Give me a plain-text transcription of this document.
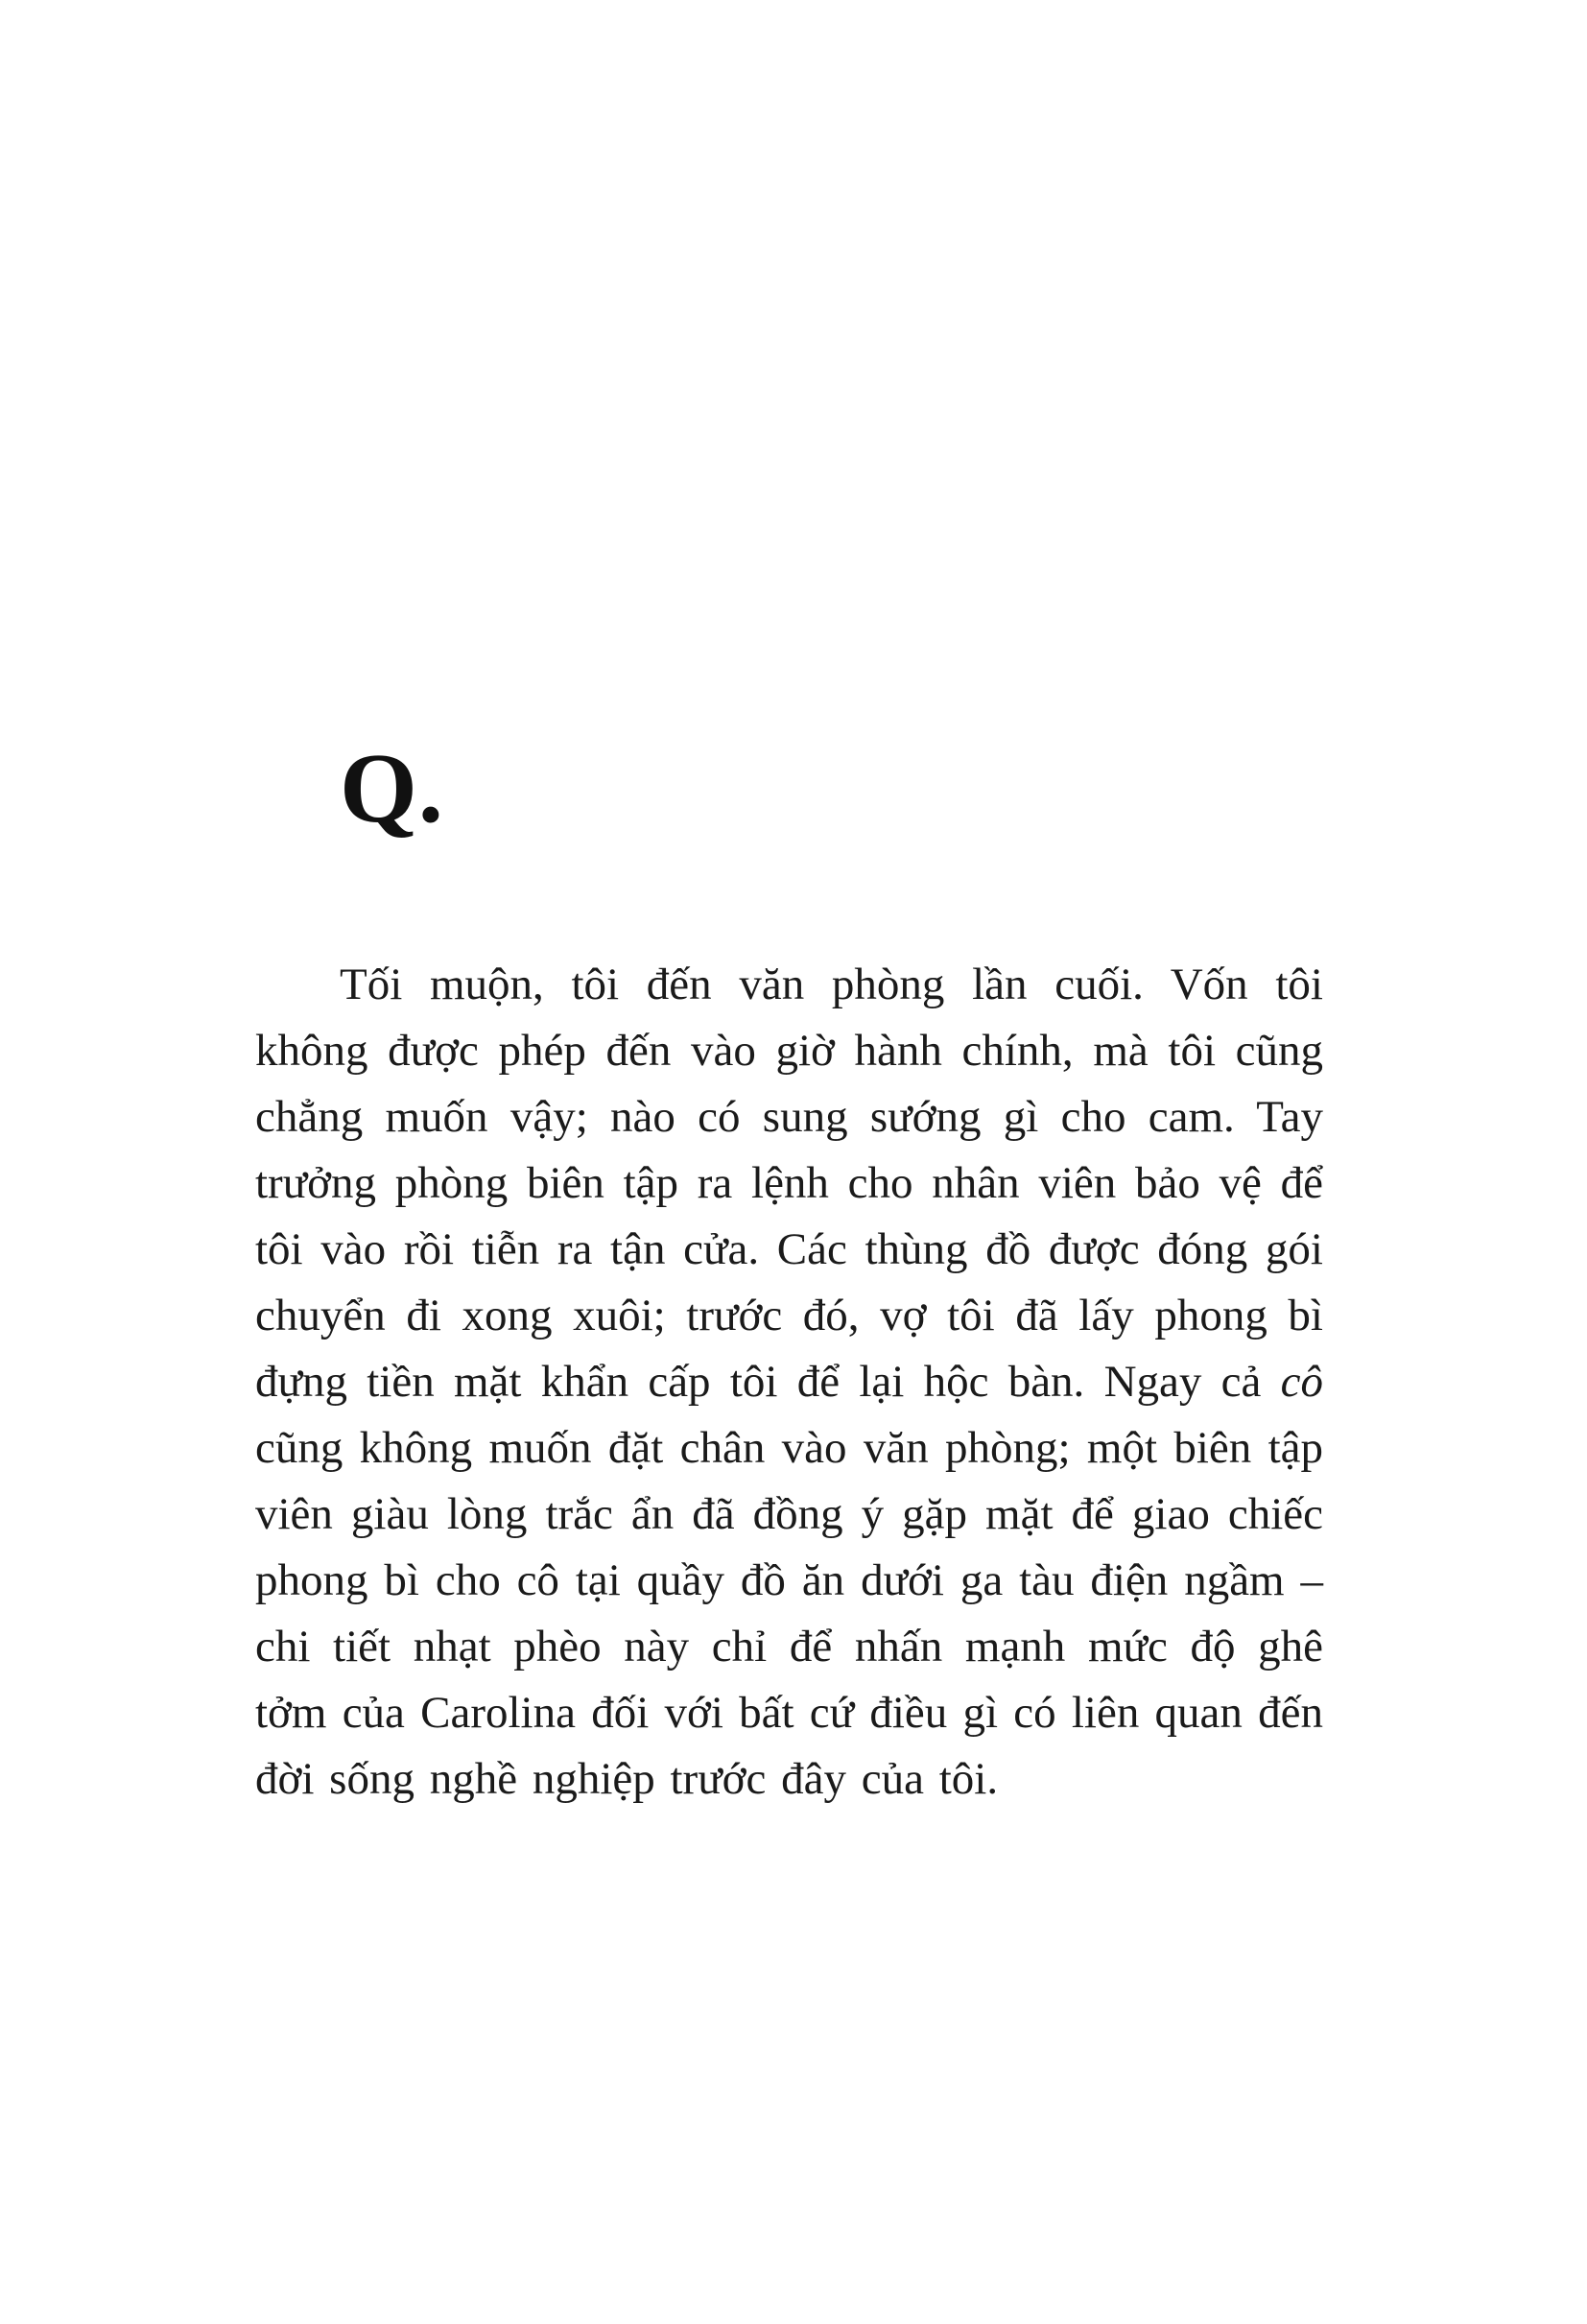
Q.

Tối muộn, tôi đến văn phòng lần cuối. Vốn tôi không được phép đến vào giờ hành chính, mà tôi cũng chẳng muốn vậy; nào có sung sướng gì cho cam. Tay trưởng phòng biên tập ra lệnh cho nhân viên bảo vệ để tôi vào rồi tiễn ra tận cửa. Các thùng đồ được đóng gói chuyển đi xong xuôi; trước đó, vợ tôi đã lấy phong bì đựng tiền mặt khẩn cấp tôi để lại hộc bàn. Ngay cả cô cũng không muốn đặt chân vào văn phòng; một biên tập viên giàu lòng trắc ẩn đã đồng ý gặp mặt để giao chiếc phong bì cho cô tại quầy đồ ăn dưới ga tàu điện ngầm – chi tiết nhạt phèo này chỉ để nhấn mạnh mức độ ghê tởm của Carolina đối với bất cứ điều gì có liên quan đến đời sống nghề nghiệp trước đây của tôi.
